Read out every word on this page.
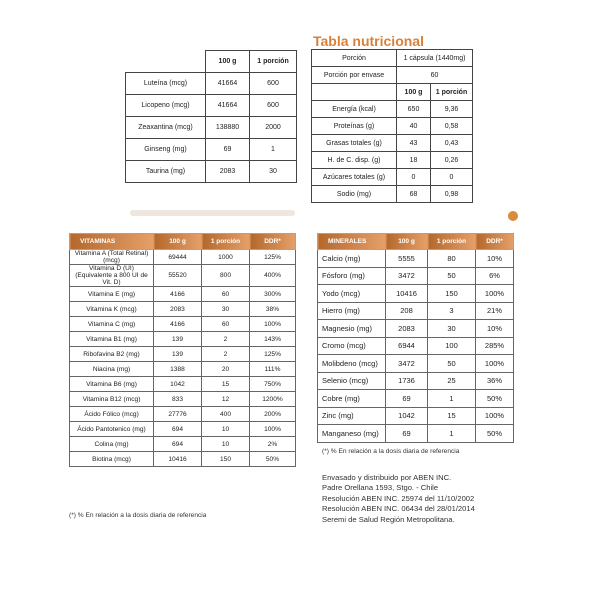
	100 g	1 porción
Luteína (mcg)	41664	600
Licopeno (mcg)	41664	600
Zeaxantina (mcg)	138880	2000
Ginseng (mg)	69	1
Taurina (mg)	2083	30
Tabla nutricional
Porción	1 cápsula (1440mg)	
Porción por envase	60	
	100 g	1 porción
Energía (kcal)	650	9,36
Proteínas (g)	40	0,58
Grasas totales (g)	43	0,43
H. de C. disp. (g)	18	0,26
Azúcares totales (g)	0	0
Sodio (mg)	68	0,98
VITAMINAS	100 g	1 porción	DDR*
Vitamina A (Total Retinal) (mcg)	69444	1000	125%
Vitamina D (UI) (Equivalente a 800 UI de Vit. D)	55520	800	400%
Vitamina E (mg)	4166	60	300%
Vitamina K (mcg)	2083	30	38%
Vitamina C (mg)	4166	60	100%
Vitamina B1 (mg)	139	2	143%
Ribofavina B2 (mg)	139	2	125%
Niacina (mg)	1388	20	111%
Vitamina B6 (mg)	1042	15	750%
Vitamina B12 (mcg)	833	12	1200%
Ácido Fólico (mcg)	27776	400	200%
Ácido Pantotenico (mg)	694	10	100%
Colina (mg)	694	10	2%
Biotina (mcg)	10416	150	50%
(*) % En relación a la dosis diaria de referencia
MINERALES	100 g	1 porción	DDR*
Calcio (mg)	5555	80	10%
Fósforo (mg)	3472	50	6%
Yodo (mcg)	10416	150	100%
Hierro (mg)	208	3	21%
Magnesio (mg)	2083	30	10%
Cromo (mcg)	6944	100	285%
Molibdeno (mcg)	3472	50	100%
Selenio (mcg)	1736	25	36%
Cobre (mg)	69	1	50%
Zinc (mg)	1042	15	100%
Manganeso (mg)	69	1	50%
(*) % En relación a la dosis diaria de referencia
Envasado y distribuido por ABEN INC.
Padre Orellana 1593, Stgo. - Chile
Resolución ABEN INC. 25974 del 11/10/2002
Resolución ABEN INC. 06434 del 28/01/2014
Seremi de Salud Región Metropolitana.
